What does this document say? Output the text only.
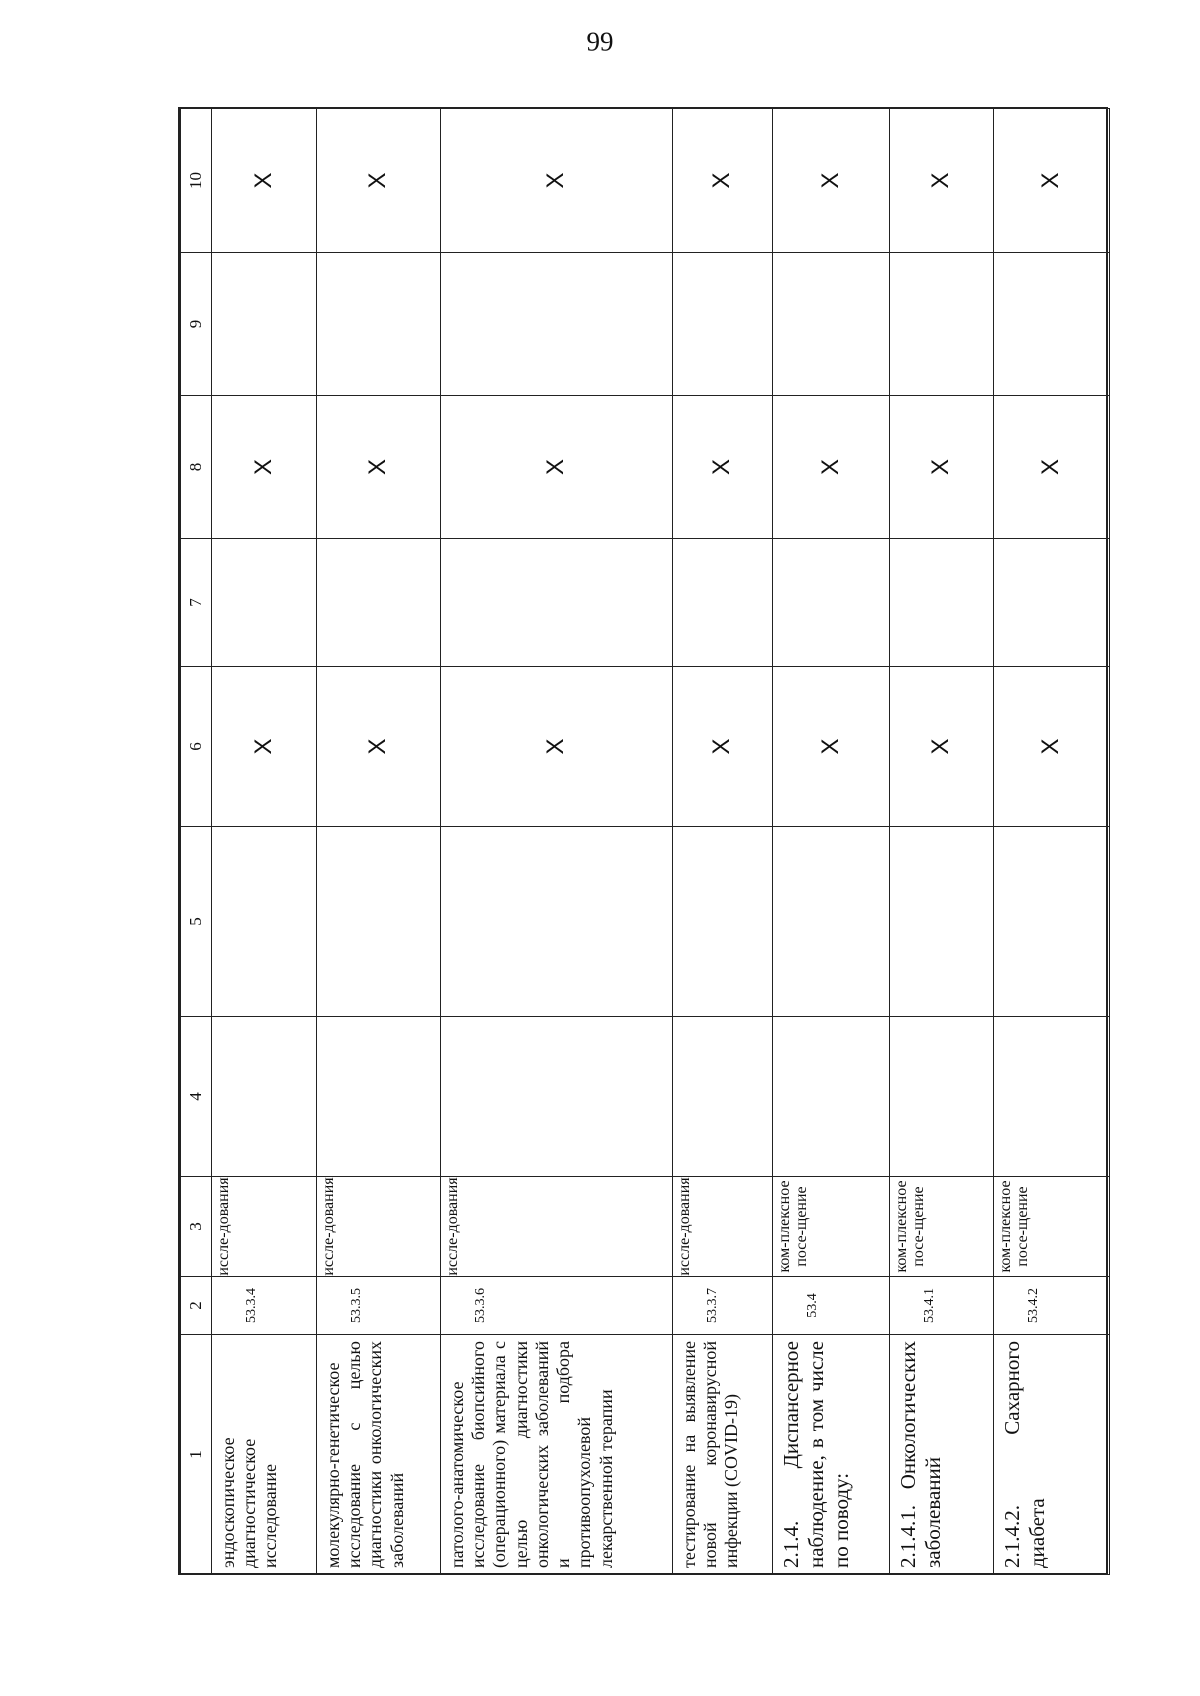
99
1	2	3	4	5	6	7	8	9	10
эндоскопическое диагностическое исследование	53.3.4	иссле-дования			X		X		X
молекулярно-генетическое исследование с целью диагностики онкологических заболеваний	53.3.5	иссле-дования			X		X		X
патолого-анатомическое исследование биопсийного (операционного) материала с целью диагностики онкологических заболеваний и подбора противоопухолевой лекарственной терапии	53.3.6	иссле-дования			X		X		X
тестирование на выявление новой коронавирусной инфекции (COVID-19)	53.3.7	иссле-дования			X		X		X
2.1.4. Диспансерное наблюдение, в том числе по поводу:	53.4	ком-плексное посе-щение			X		X		X
2.1.4.1. Онкологических заболеваний	53.4.1	ком-плексное посе-щение			X		X		X
2.1.4.2. Сахарного диабета	53.4.2	ком-плексное посе-щение			X		X		X
